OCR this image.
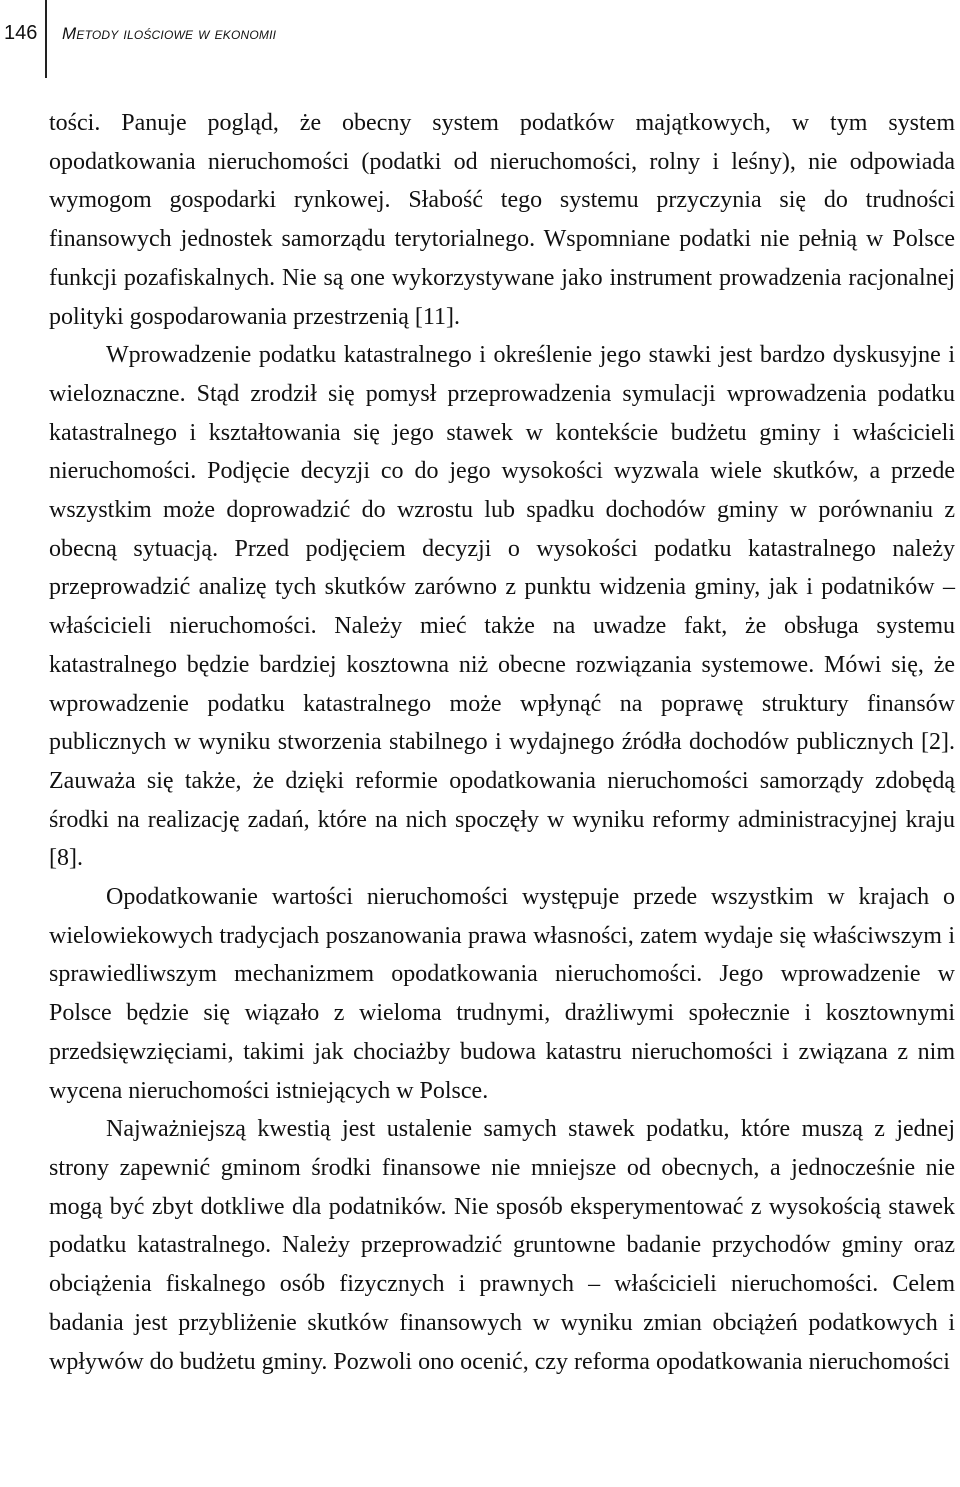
146 Metody ilościowe w ekonomii

tości. Panuje pogląd, że obecny system podatków majątkowych, w tym system opodatkowania nieruchomości (podatki od nieruchomości, rolny i leśny), nie odpowiada wymogom gospodarki rynkowej. Słabość tego systemu przyczynia się do trudności finansowych jednostek samorządu terytorialnego. Wspomniane podatki nie pełnią w Polsce funkcji pozafiskalnych. Nie są one wykorzystywane jako instrument prowadzenia racjonalnej polityki gospodarowania przestrzenią [11].

Wprowadzenie podatku katastralnego i określenie jego stawki jest bardzo dyskusyjne i wieloznaczne. Stąd zrodził się pomysł przeprowadzenia symulacji wprowadzenia podatku katastralnego i kształtowania się jego stawek w kontekście budżetu gminy i właścicieli nieruchomości. Podjęcie decyzji co do jego wysokości wyzwala wiele skutków, a przede wszystkim może doprowadzić do wzrostu lub spadku dochodów gminy w porównaniu z obecną sytuacją. Przed podjęciem decyzji o wysokości podatku katastralnego należy przeprowadzić analizę tych skutków zarówno z punktu widzenia gminy, jak i podatników – właścicieli nieruchomości. Należy mieć także na uwadze fakt, że obsługa systemu katastralnego będzie bardziej kosztowna niż obecne rozwiązania systemowe. Mówi się, że wprowadzenie podatku katastralnego może wpłynąć na poprawę struktury finansów publicznych w wyniku stworzenia stabilnego i wydajnego źródła dochodów publicznych [2]. Zauważa się także, że dzięki reformie opodatkowania nieruchomości samorządy zdobędą środki na realizację zadań, które na nich spoczęły w wyniku reformy administracyjnej kraju [8].

Opodatkowanie wartości nieruchomości występuje przede wszystkim w krajach o wielowiekowych tradycjach poszanowania prawa własności, zatem wydaje się właściwszym i sprawiedliwszym mechanizmem opodatkowania nieruchomości. Jego wprowadzenie w Polsce będzie się wiązało z wieloma trudnymi, drażliwymi społecznie i kosztownymi przedsięwzięciami, takimi jak chociażby budowa katastru nieruchomości i związana z nim wycena nieruchomości istniejących w Polsce.

Najważniejszą kwestią jest ustalenie samych stawek podatku, które muszą z jednej strony zapewnić gminom środki finansowe nie mniejsze od obecnych, a jednocześnie nie mogą być zbyt dotkliwe dla podatników. Nie sposób eksperymentować z wysokością stawek podatku katastralnego. Należy przeprowadzić gruntowne badanie przychodów gminy oraz obciążenia fiskalnego osób fizycznych i prawnych – właścicieli nieruchomości. Celem badania jest przybliżenie skutków finansowych w wyniku zmian obciążeń podatkowych i wpływów do budżetu gminy. Pozwoli ono ocenić, czy reforma opodatkowania nieruchomości
